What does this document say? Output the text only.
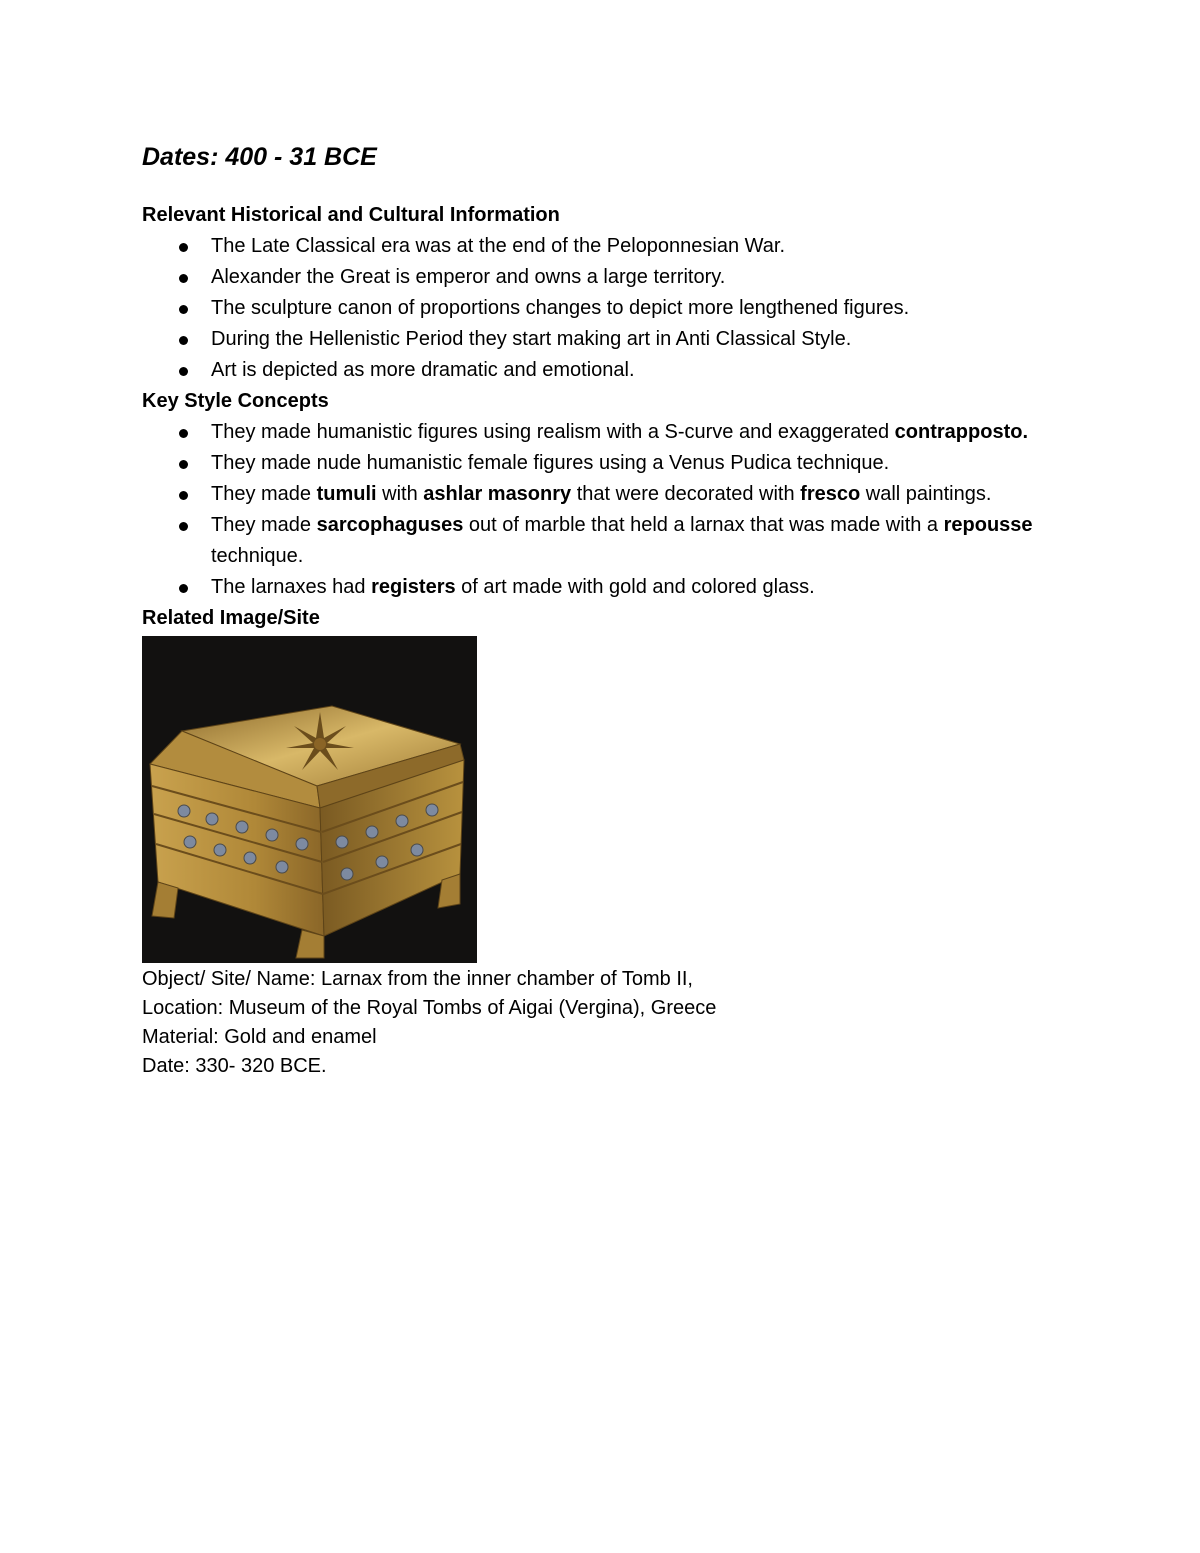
Dates: 400 - 31 BCE
Relevant Historical and Cultural Information
The Late Classical era was at the end of the Peloponnesian War.
Alexander the Great is emperor and owns a large territory.
The sculpture canon of proportions changes to depict more lengthened figures.
During the Hellenistic Period they start making art in Anti Classical Style.
Art is depicted as more dramatic and emotional.
Key Style Concepts
They made humanistic figures using realism with a S-curve and exaggerated contrapposto.
They made nude humanistic female figures using a Venus Pudica technique.
They made tumuli with ashlar masonry that were decorated with fresco wall paintings.
They made sarcophaguses out of marble that held a larnax that was made with a repousse technique.
The larnaxes had registers of art made with gold and colored glass.
Related Image/Site

Object/ Site/ Name: Larnax from the inner chamber of Tomb II,

Location: Museum of the Royal Tombs of Aigai (Vergina), Greece

Material: Gold and enamel

Date: 330- 320 BCE.
